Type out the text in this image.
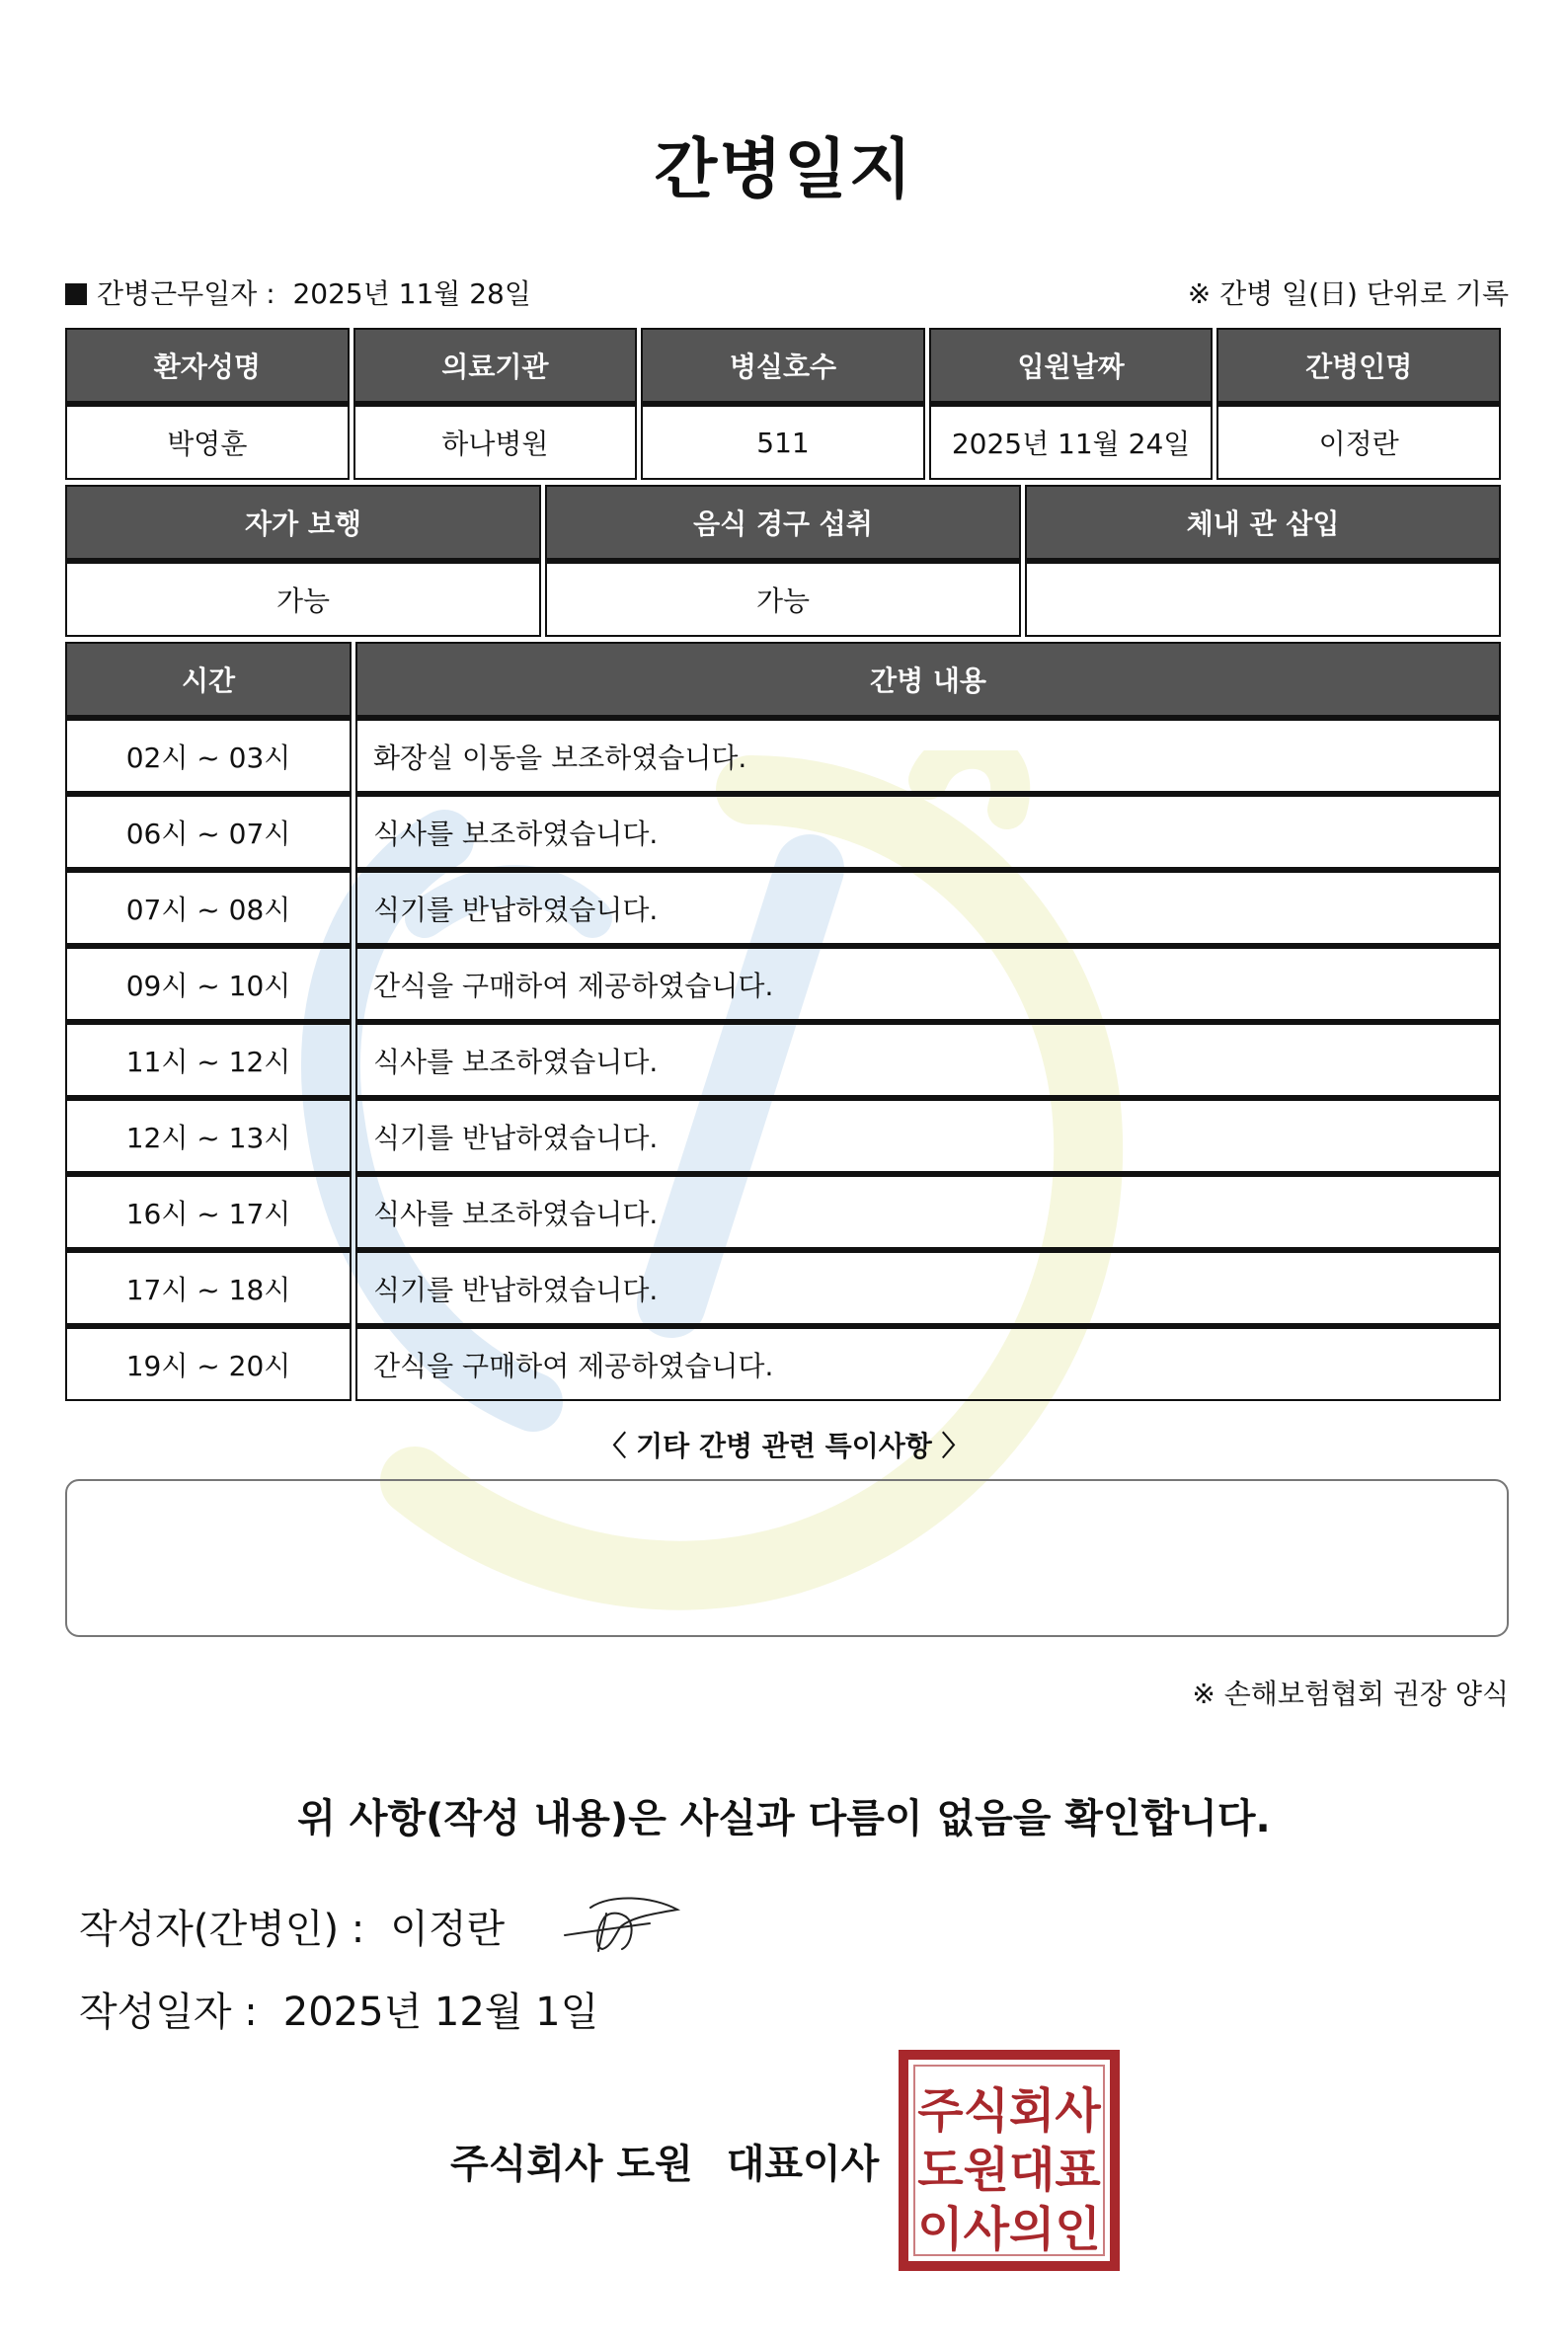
간병일지
간병근무일자 : 2025년 11월 28일	※ 간병 일(日) 단위로 기록
환자성명	의료기관	병실호수	입원날짜	간병인명
박영훈	하나병원	511	2025년 11월 24일	이정란
자가 보행	음식 경구 섭취	체내 관 삽입
가능	가능	
시간	간병 내용
02시 ~ 03시	화장실 이동을 보조하였습니다.
06시 ~ 07시	식사를 보조하였습니다.
07시 ~ 08시	식기를 반납하였습니다.
09시 ~ 10시	간식을 구매하여 제공하였습니다.
11시 ~ 12시	식사를 보조하였습니다.
12시 ~ 13시	식기를 반납하였습니다.
16시 ~ 17시	식사를 보조하였습니다.
17시 ~ 18시	식기를 반납하였습니다.
19시 ~ 20시	간식을 구매하여 제공하였습니다.
〈 기타 간병 관련 특이사항 〉
※ 손해보험협회 권장 양식
위 사항(작성 내용)은 사실과 다름이 없음을 확인합니다.
작성자(간병인) : 이정란
작성일자 : 2025년 12월 1일
주식회사 도원 대표이사
주식회사
도원대표
이사의인
